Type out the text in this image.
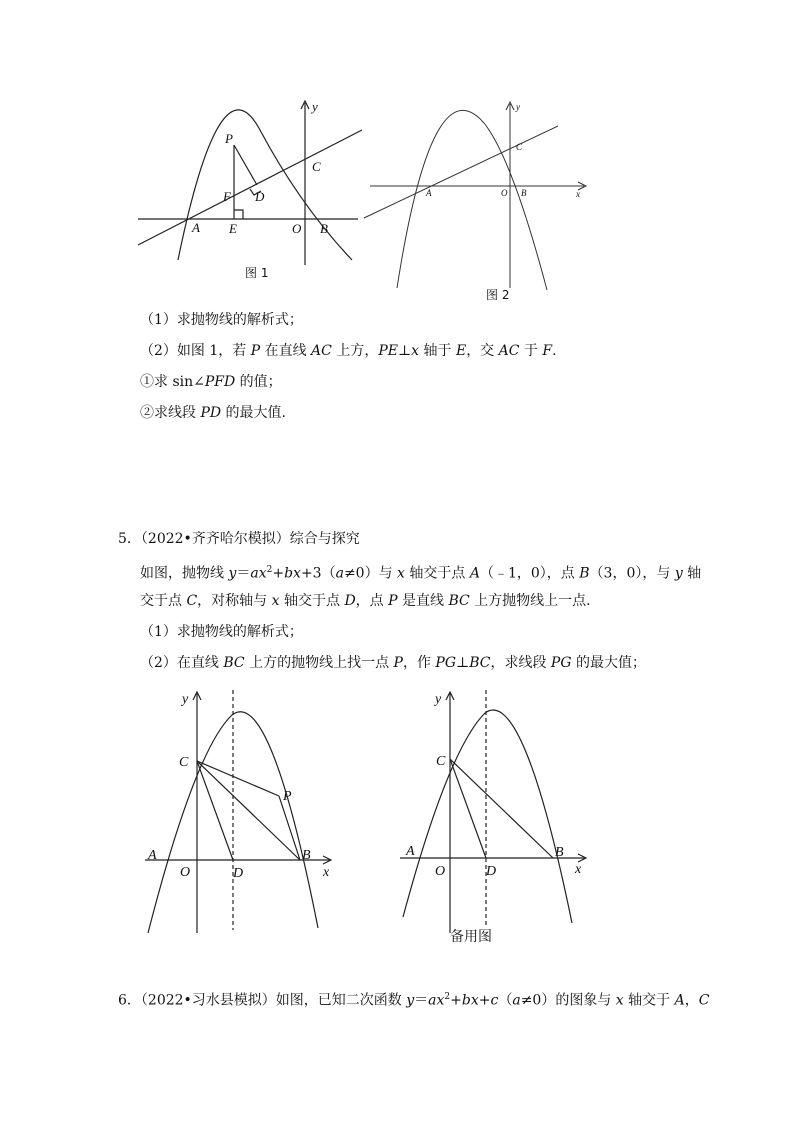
y
P
C
D
F
A E	O B
图 1
y
C
A	O B	x
图 2
（1）求抛物线的解析式；
（2）如图 1，若 P 在直线 AC 上方，PE⊥x 轴于 E，交 AC 于 F.
①求 sin∠PFD 的值；
②求线段 PD 的最大值.
5．（2022•齐齐哈尔模拟）综合与探究
如图，抛物线 $y=ax^2+bx+3(a\ne 0)$与 x 轴交于点 A（﹣1，0），点 B（3，0），与 y 轴
交于点 C，对称轴与 x 轴交于点 D，点 P 是直线 BC 上方抛物线上一点.
（1）求抛物线的解析式；
（2）在直线 BC 上方的抛物线上找一点 P，作 PG⊥BC，求线段 PG 的最大值；
y
C
P
A	B
O	D	x
y
C
A	B
O	D	x
备用图
6．（2022•习水县模拟）如图，已知二次函数 $y=ax^2+bx+c(a\ne 0)$的图象与 x 轴交于 A，C
